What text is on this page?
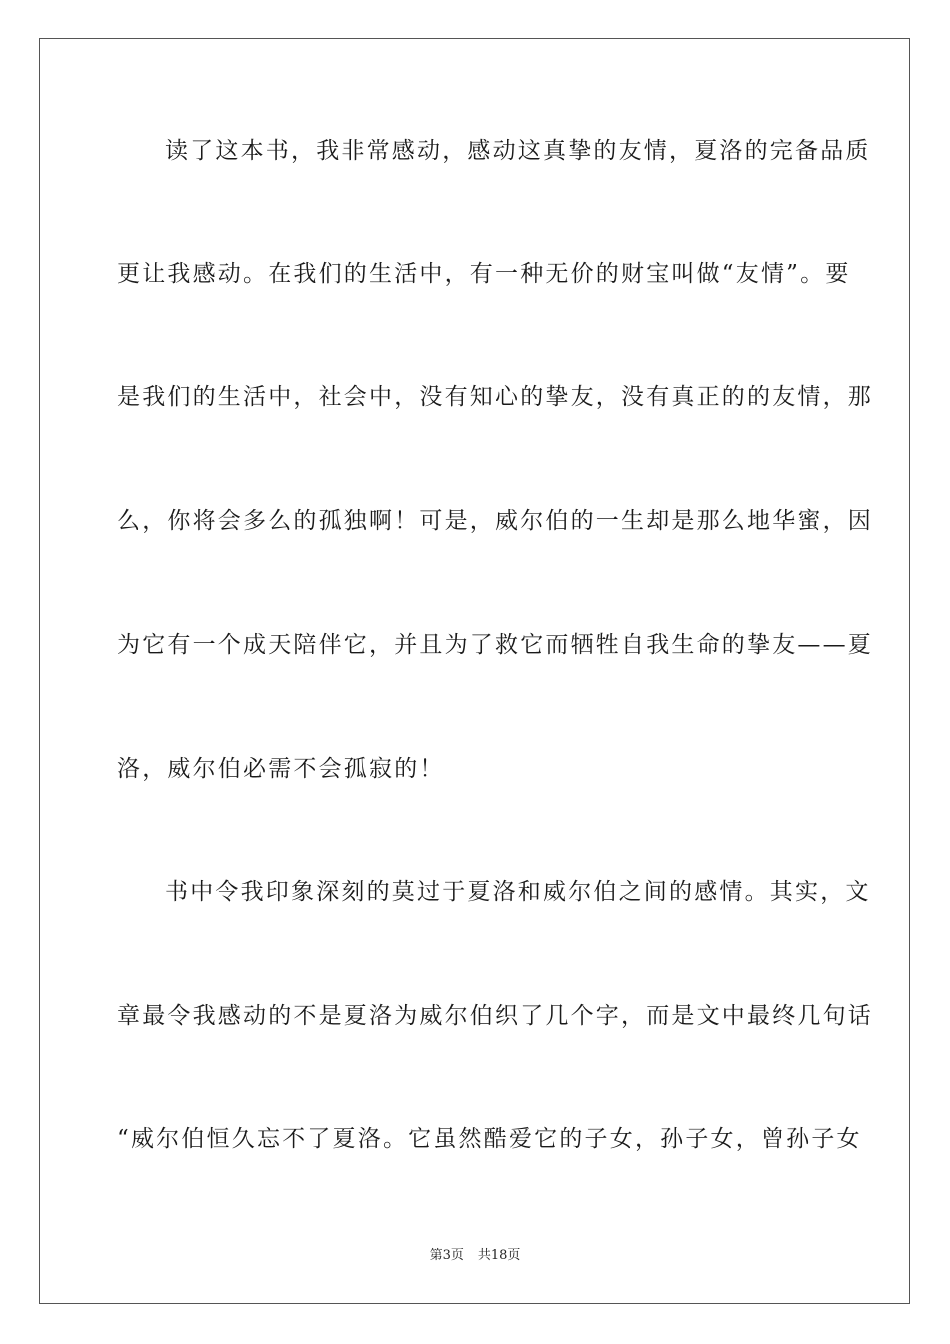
读了这本书，我非常感动，感动这真挚的友情，夏洛的完备品质
更让我感动。在我们的生活中，有一种无价的财宝叫做“友情”。要
是我们的生活中，社会中，没有知心的挚友，没有真正的的友情，那
么，你将会多么的孤独啊！可是，威尔伯的一生却是那么地华蜜，因
为它有一个成天陪伴它，并且为了救它而牺牲自我生命的挚友——夏
洛，威尔伯必需不会孤寂的！
书中令我印象深刻的莫过于夏洛和威尔伯之间的感情。其实，文
章最令我感动的不是夏洛为威尔伯织了几个字，而是文中最终几句话
“威尔伯恒久忘不了夏洛。它虽然酷爱它的子女，孙子女，曾孙子女
第3页 共18页
